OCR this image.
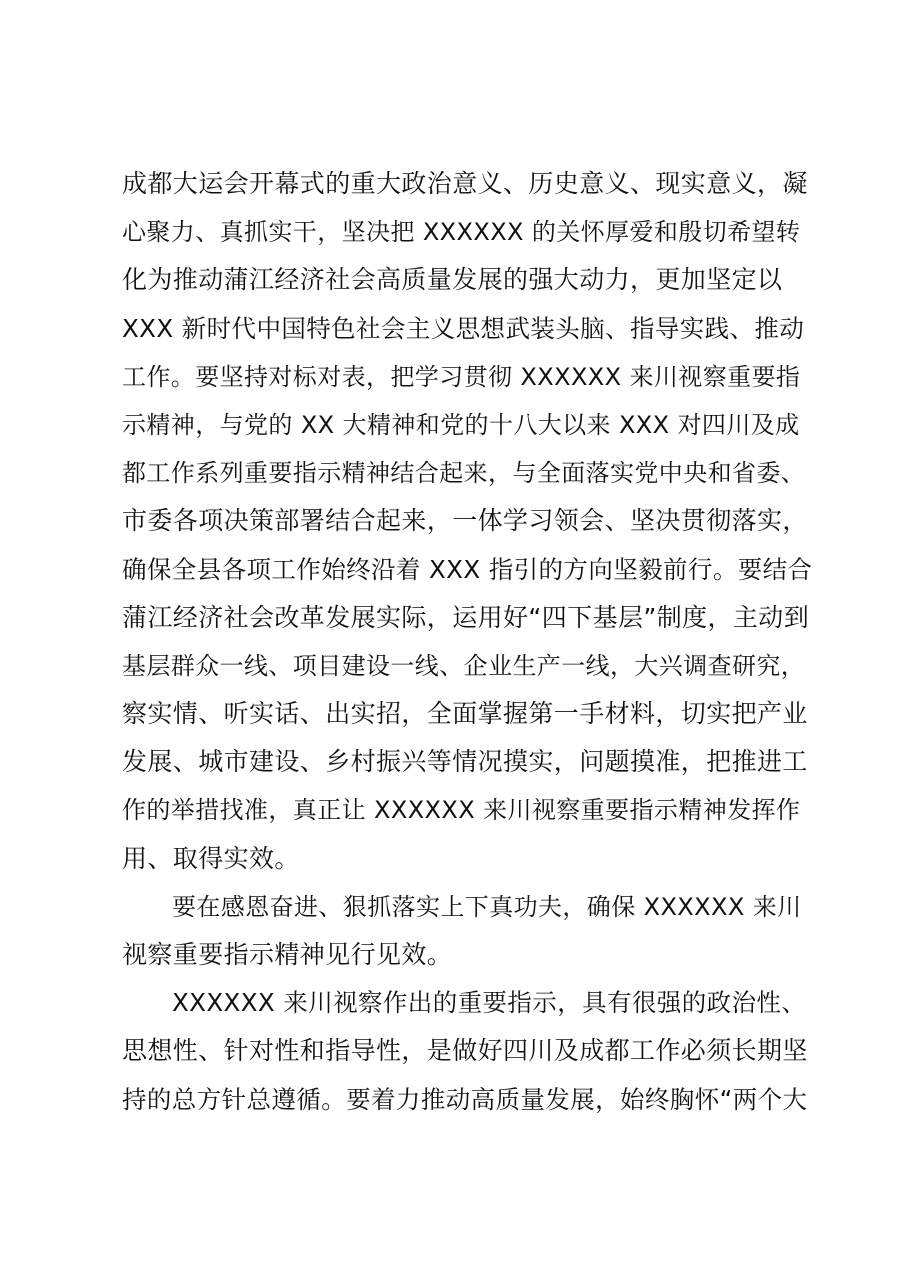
成都大运会开幕式的重大政治意义、历史意义、现实意义，凝
心聚力、真抓实干，坚决把 XXXXXX 的关怀厚爱和殷切希望转
化为推动蒲江经济社会高质量发展的强大动力，更加坚定以
XXX 新时代中国特色社会主义思想武装头脑、指导实践、推动
工作。要坚持对标对表，把学习贯彻 XXXXXX 来川视察重要指
示精神，与党的 XX 大精神和党的十八大以来 XXX 对四川及成
都工作系列重要指示精神结合起来，与全面落实党中央和省委、
市委各项决策部署结合起来，一体学习领会、坚决贯彻落实，
确保全县各项工作始终沿着 XXX 指引的方向坚毅前行。要结合
蒲江经济社会改革发展实际，运用好“四下基层”制度，主动到
基层群众一线、项目建设一线、企业生产一线，大兴调查研究，
察实情、听实话、出实招，全面掌握第一手材料，切实把产业
发展、城市建设、乡村振兴等情况摸实，问题摸准，把推进工
作的举措找准，真正让 XXXXXX 来川视察重要指示精神发挥作
用、取得实效。
要在感恩奋进、狠抓落实上下真功夫，确保 XXXXXX 来川
视察重要指示精神见行见效。
XXXXXX 来川视察作出的重要指示，具有很强的政治性、
思想性、针对性和指导性，是做好四川及成都工作必须长期坚
持的总方针总遵循。要着力推动高质量发展，始终胸怀“两个大
